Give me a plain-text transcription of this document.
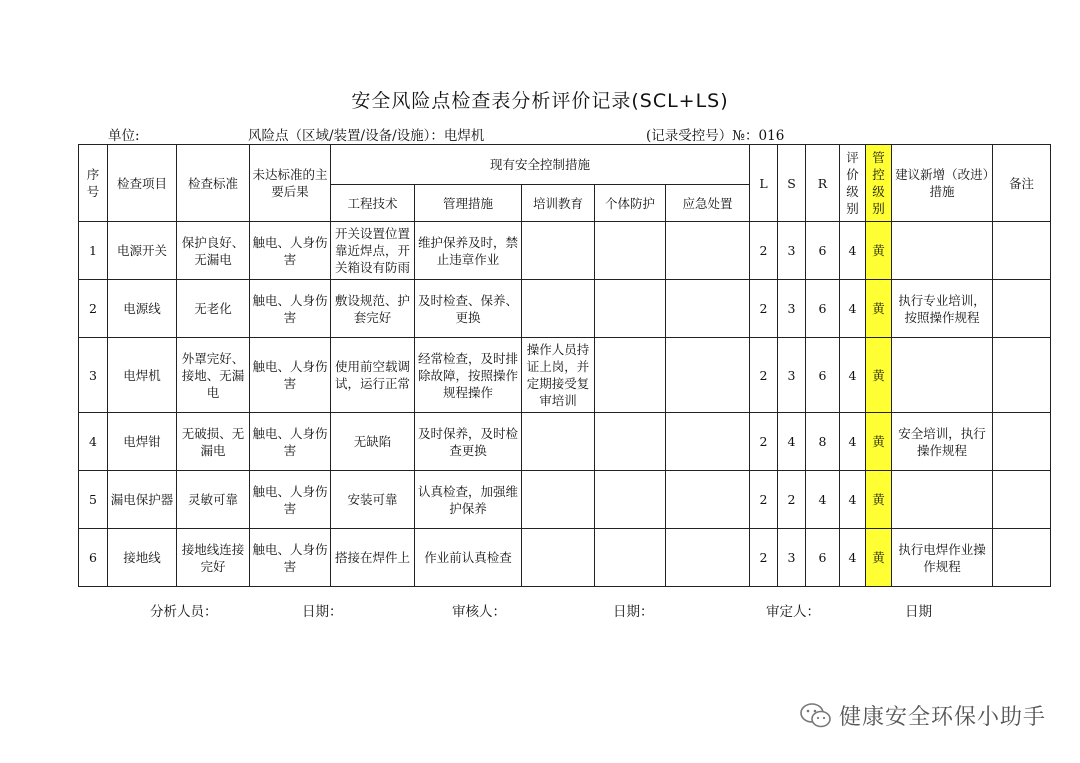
安全风险点检查表分析评价记录(SCL+LS)
单位:	风险点（区域/装置/设备/设施）：电焊机	(记录受控号）№：016
序号	检查项目	检查标准	未达标准的主要后果	现有安全控制措施					L	S	R	评价级别	管控级别	建议新增（改进）措施	备注
				工程技术	管理措施	培训教育	个体防护	应急处置							
1	电源开关	保护良好、无漏电	触电、人身伤害	开关设置位置靠近焊点，开关箱设有防雨	维护保养及时，禁止违章作业				2	3	6	4	黄		
2	电源线	无老化	触电、人身伤害	敷设规范、护套完好	及时检查、保养、更换				2	3	6	4	黄	执行专业培训，按照操作规程	
3	电焊机	外罩完好、接地、无漏电	触电、人身伤害	使用前空载调试，运行正常	经常检查，及时排除故障，按照操作规程操作	操作人员持证上岗，并定期接受复审培训			2	3	6	4	黄		
4	电焊钳	无破损、无漏电	触电、人身伤害	无缺陷	及时保养，及时检查更换				2	4	8	4	黄	安全培训，执行操作规程	
5	漏电保护器	灵敏可靠	触电、人身伤害	安装可靠	认真检查，加强维护保养				2	2	4	4	黄		
6	接地线	接地线连接完好	触电、人身伤害	搭接在焊件上	作业前认真检查				2	3	6	4	黄	执行电焊作业操作规程	
分析人员：	日期：	审核人：	日期：	审定人：	日期
健康安全环保小助手
